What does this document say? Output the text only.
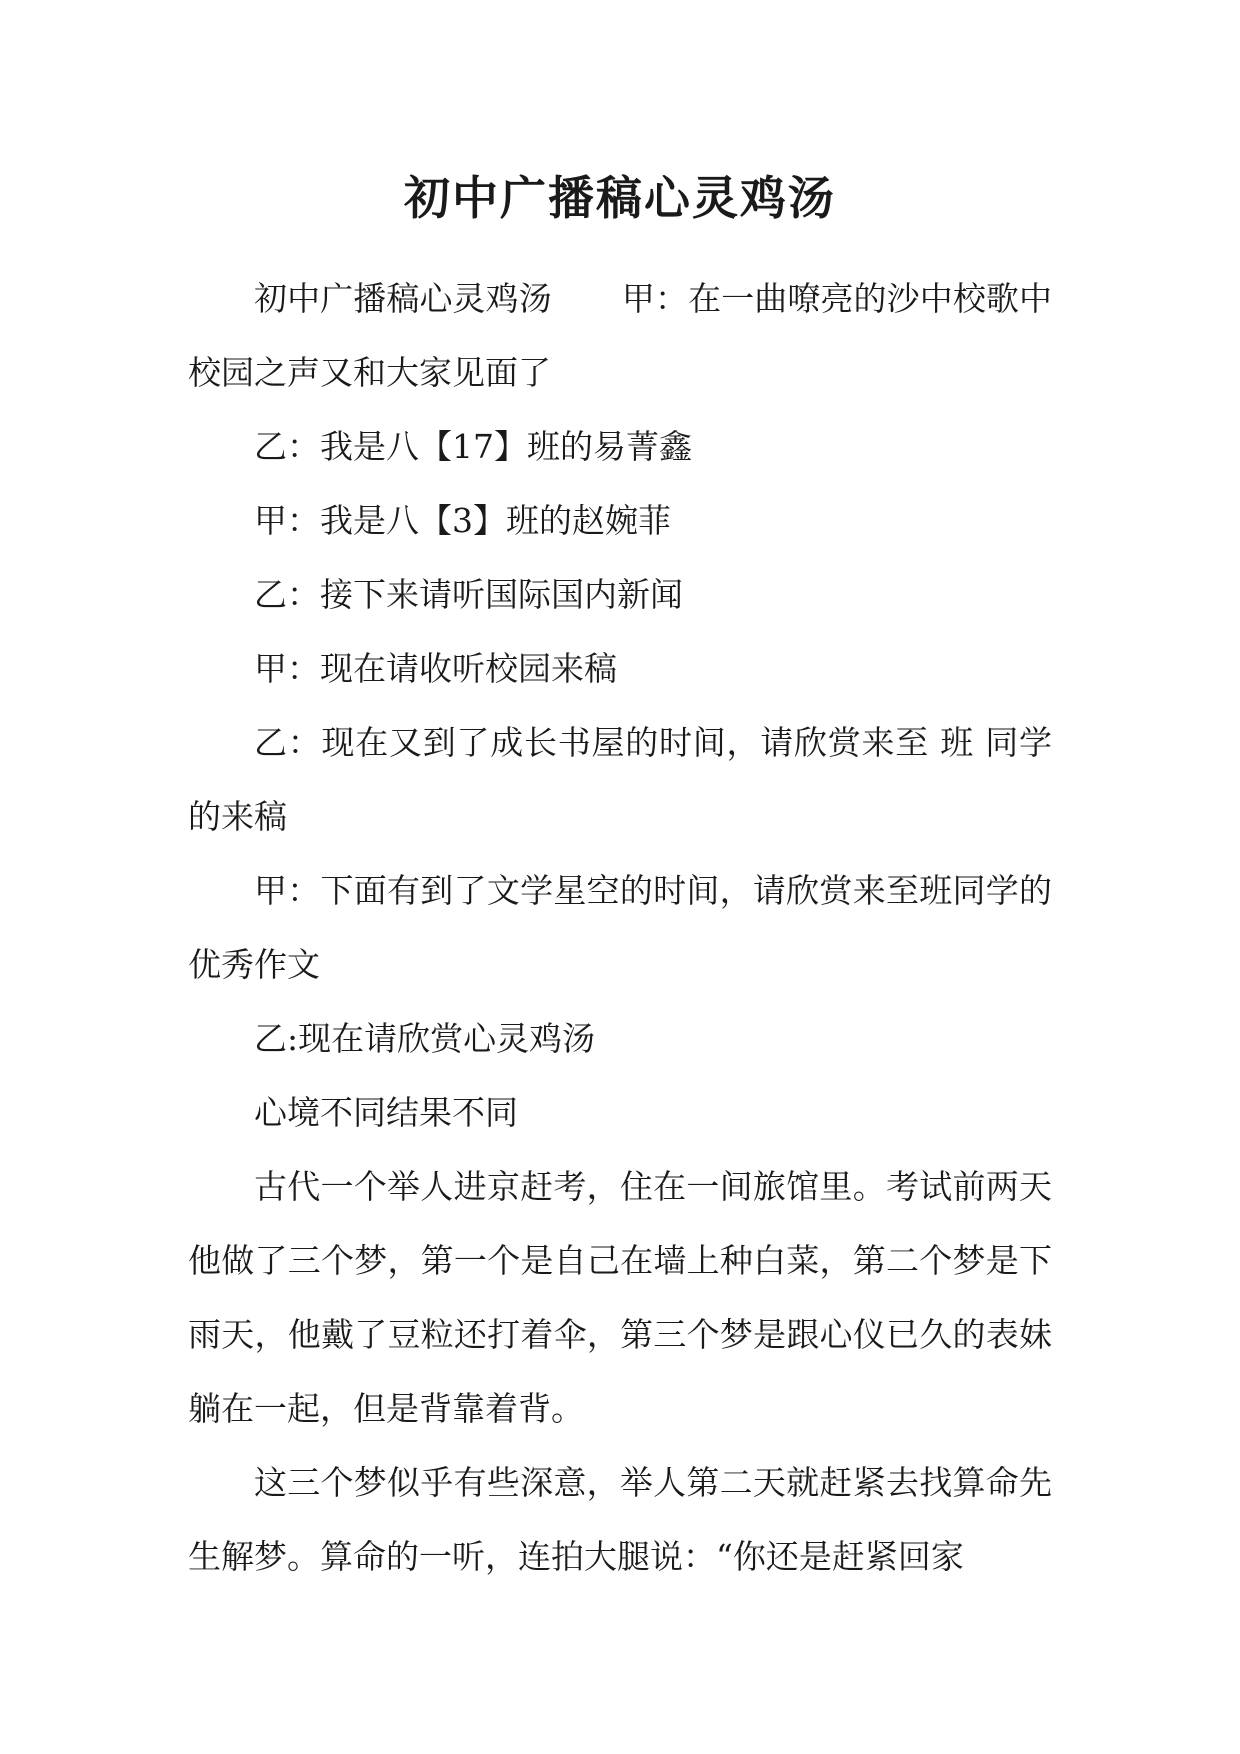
初中广播稿心灵鸡汤

初中广播稿心灵鸡汤 甲：在一曲嘹亮的沙中校歌中校园之声又和大家见面了

乙：我是八【17】班的易菁鑫

甲：我是八【3】班的赵婉菲

乙：接下来请听国际国内新闻

甲：现在请收听校园来稿

乙：现在又到了成长书屋的时间，请欣赏来至 班 同学的来稿

甲：下面有到了文学星空的时间，请欣赏来至班同学的优秀作文

乙:现在请欣赏心灵鸡汤

心境不同结果不同

古代一个举人进京赶考，住在一间旅馆里。考试前两天他做了三个梦，第一个是自己在墙上种白菜，第二个梦是下雨天，他戴了豆粒还打着伞，第三个梦是跟心仪已久的表妹躺在一起，但是背靠着背。

这三个梦似乎有些深意，举人第二天就赶紧去找算命先生解梦。算命的一听，连拍大腿说：“你还是赶紧回家
